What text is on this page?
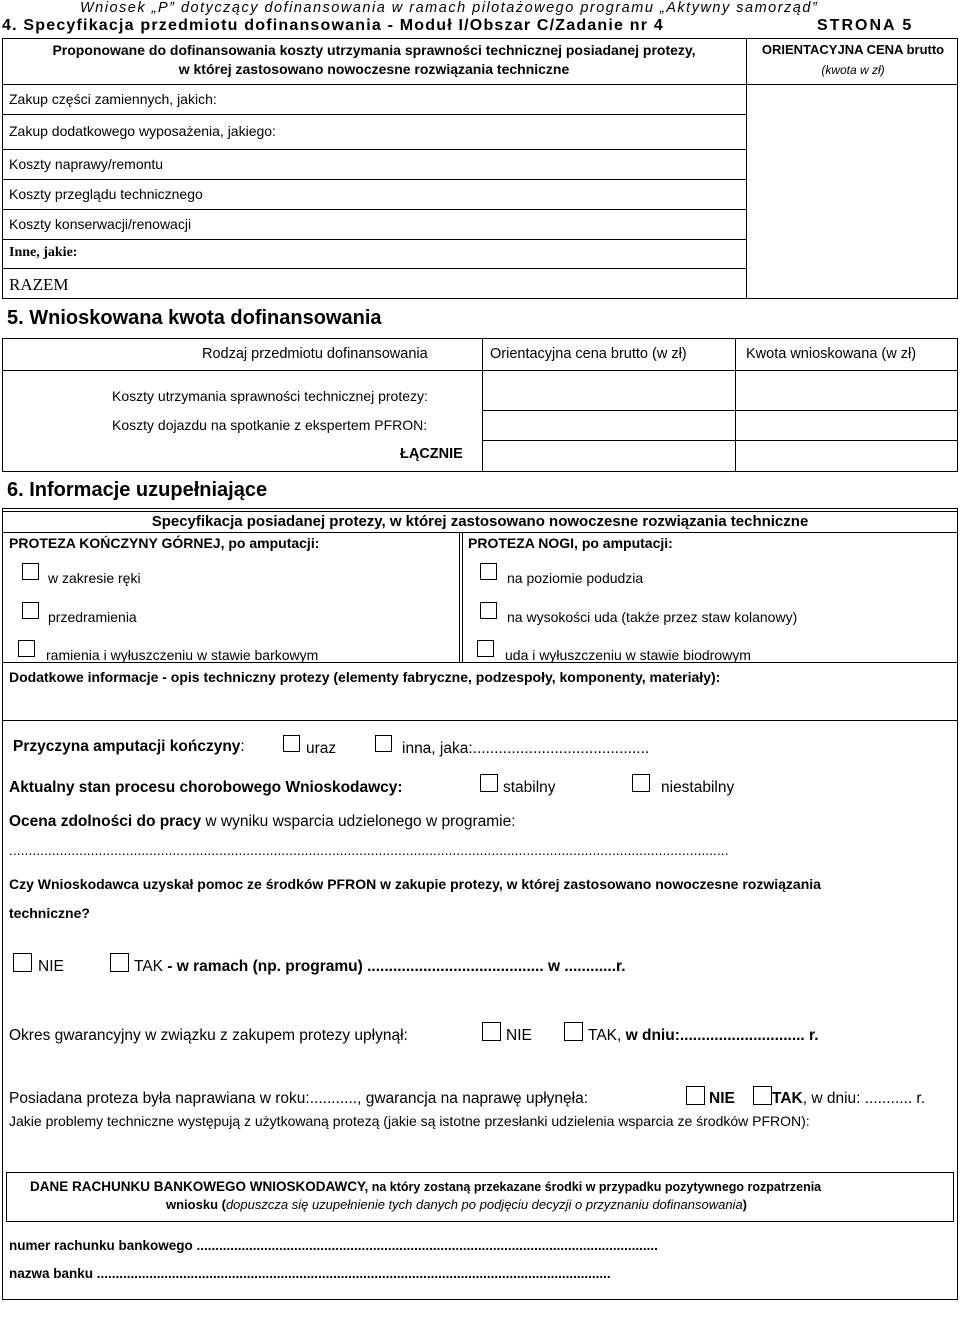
Wniosek „P” dotyczący dofinansowania w ramach pilotażowego programu „Aktywny samorząd”
4. Specyfikacja przedmiotu dofinansowania - Moduł I/Obszar C/Zadanie nr 4	STRONA 5
Proponowane do dofinansowania koszty utrzymania sprawności technicznej posiadanej protezy,
w której zastosowano nowoczesne rozwiązania techniczne
ORIENTACYJNA CENA brutto
(kwota w zł)
Zakup części zamiennych, jakich:
Zakup dodatkowego wyposażenia, jakiego:
Koszty naprawy/remontu
Koszty przeglądu technicznego
Koszty konserwacji/renowacji
Inne, jakie:
RAZEM
5. Wnioskowana kwota dofinansowania
Rodzaj przedmiotu dofinansowania	Orientacyjna cena brutto (w zł)	Kwota wnioskowana (w zł)
Koszty utrzymania sprawności technicznej protezy:
Koszty dojazdu na spotkanie z ekspertem PFRON:
ŁĄCZNIE
6. Informacje uzupełniające
Specyfikacja posiadanej protezy, w której zastosowano nowoczesne rozwiązania techniczne
PROTEZA KOŃCZYNY GÓRNEJ, po amputacji:	PROTEZA NOGI, po amputacji:
w zakresie ręki
przedramienia
ramienia i wyłuszczeniu w stawie barkowym
na poziomie podudzia
na wysokości uda (także przez staw kolanowy)
uda i wyłuszczeniu w stawie biodrowym
Dodatkowe informacje - opis techniczny protezy (elementy fabryczne, podzespoły, komponenty, materiały):
Przyczyna amputacji kończyny:	uraz	inna, jaka:.........................................
Aktualny stan procesu chorobowego Wnioskodawcy:	stabilny	niestabilny
Ocena zdolności do pracy w wyniku wsparcia udzielonego w programie:
.........................................................................................................................................................................................
Czy Wnioskodawca uzyskał pomoc ze środków PFRON w zakupie protezy, w której zastosowano nowoczesne rozwiązania
techniczne?
NIE	TAK - w ramach (np. programu) ......................................... w ............r.
Okres gwarancyjny w związku z zakupem protezy upłynął:	NIE	TAK, w dniu:............................. r.
Posiadana proteza była naprawiana w roku:..........., gwarancja na naprawę upłynęła:	NIE TAK, w dniu: ........... r.
Jakie problemy techniczne występują z użytkowaną protezą (jakie są istotne przesłanki udzielenia wsparcia ze środków PFRON):
DANE RACHUNKU BANKOWEGO WNIOSKODAWCY, na który zostaną przekazane środki w przypadku pozytywnego rozpatrzenia
wniosku (dopuszcza się uzupełnienie tych danych po podjęciu decyzji o przyznaniu dofinansowania)
numer rachunku bankowego ...........................................................................................................................
nazwa banku .........................................................................................................................................
